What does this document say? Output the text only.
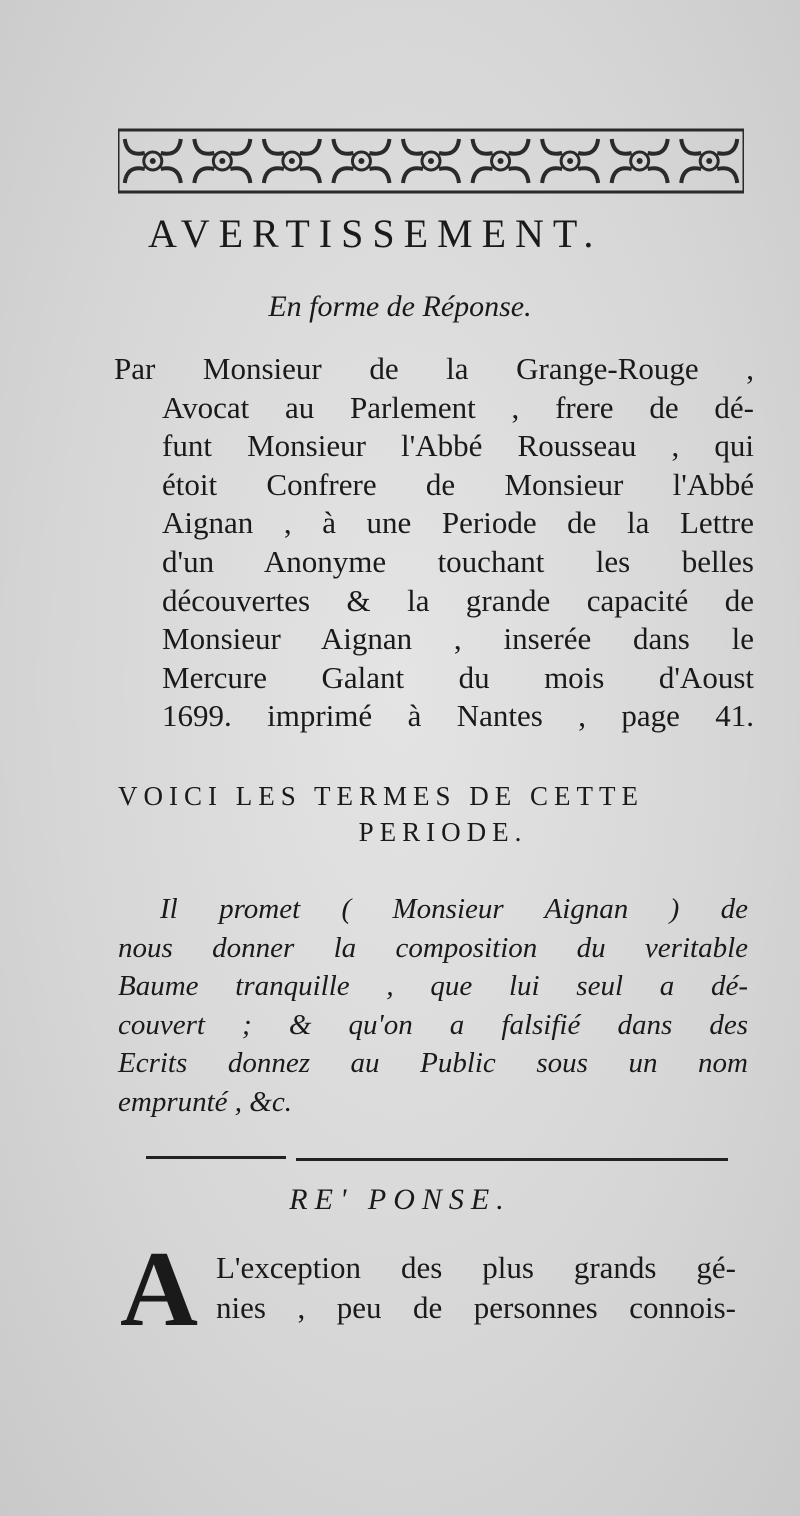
AVERTISSEMENT.
En forme de Réponse.
Par Monsieur de la Grange-Rouge ,
Avocat au Parlement , frere de dé-
funt Monsieur l'Abbé Rousseau , qui
étoit Confrere de Monsieur l'Abbé
Aignan , à une Periode de la Lettre
d'un Anonyme touchant les belles
découvertes & la grande capacité de
Monsieur Aignan , inserée dans le
Mercure Galant du mois d'Aoust
1699. imprimé à Nantes , page 41.
VOICI LES TERMES DE CETTE
PERIODE.
Il promet ( Monsieur Aignan ) de
nous donner la composition du veritable
Baume tranquille , que lui seul a dé-
couvert ; & qu'on a falsifié dans des
Ecrits donnez au Public sous un nom
emprunté , &c.
RE' PONSE.
A L'exception des plus grands gé-
nies , peu de personnes connois-
